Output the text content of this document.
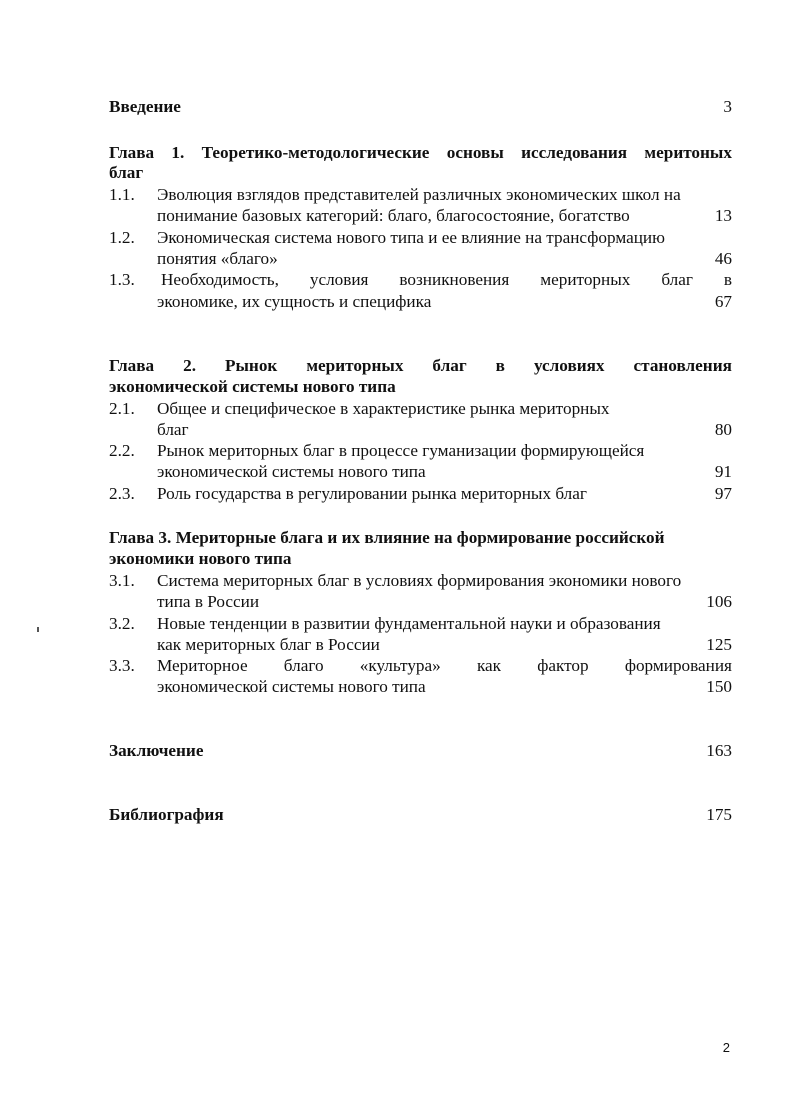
Введение	3
Глава 1. Теоретико-методологические основы исследования меритоных
благ
1.1. Эволюция взглядов представителей различных экономических школ на
понимание базовых категорий: благо, благосостояние, богатство	13
1.2. Экономическая система нового типа и ее влияние на трансформацию
понятия «благо»	46
1.3. Необходимость, условия возникновения мериторных благ в
экономике, их сущность и специфика	67
Глава 2. Рынок мериторных благ в условиях становления
экономической системы нового типа
2.1. Общее и специфическое в характеристике рынка мериторных
благ	80
2.2. Рынок мериторных благ в процессе гуманизации формирующейся
экономической системы нового типа	91
2.3. Роль государства в регулировании рынка мериторных благ	97
Глава 3. Мериторные блага и их влияние на формирование российской
экономики нового типа
3.1. Система мериторных благ в условиях формирования экономики нового
типа в России	106
3.2. Новые тенденции в развитии фундаментальной науки и образования
как мериторных благ в России	125
3.3. Мериторное благо «культура» как фактор формирования
экономической системы нового типа	150
Заключение	163
Библиография	175
2
